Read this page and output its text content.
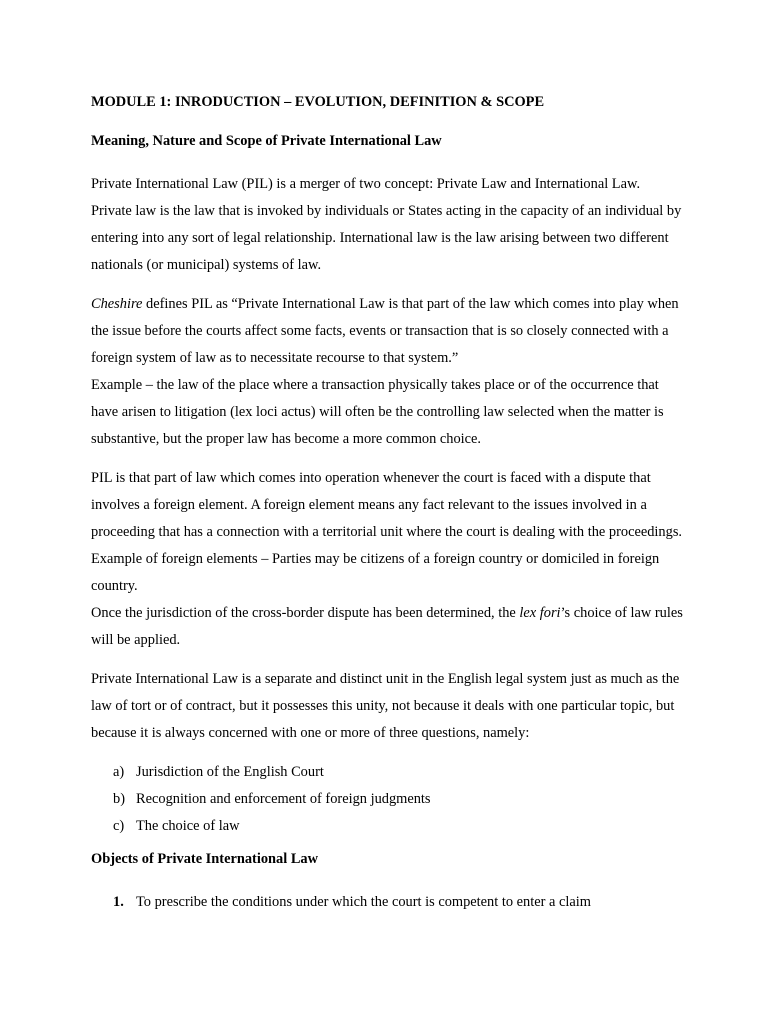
MODULE 1: INRODUCTION – EVOLUTION, DEFINITION & SCOPE
Meaning, Nature and Scope of Private International Law

Private International Law (PIL) is a merger of two concept: Private Law and International Law. Private law is the law that is invoked by individuals or States acting in the capacity of an individual by entering into any sort of legal relationship. International law is the law arising between two different nationals (or municipal) systems of law.

Cheshire defines PIL as “Private International Law is that part of the law which comes into play when the issue before the courts affect some facts, events or transaction that is so closely connected with a foreign system of law as to necessitate recourse to that system.”

Example – the law of the place where a transaction physically takes place or of the occurrence that have arisen to litigation (lex loci actus) will often be the controlling law selected when the matter is substantive, but the proper law has become a more common choice.

PIL is that part of law which comes into operation whenever the court is faced with a dispute that involves a foreign element. A foreign element means any fact relevant to the issues involved in a proceeding that has a connection with a territorial unit where the court is dealing with the proceedings. Example of foreign elements – Parties may be citizens of a foreign country or domiciled in foreign country.

Once the jurisdiction of the cross-border dispute has been determined, the lex fori’s choice of law rules will be applied.

Private International Law is a separate and distinct unit in the English legal system just as much as the law of tort or of contract, but it possesses this unity, not because it deals with one particular topic, but because it is always concerned with one or more of three questions, namely:

a) Jurisdiction of the English Court
b) Recognition and enforcement of foreign judgments
c) The choice of law
Objects of Private International Law
1. To prescribe the conditions under which the court is competent to enter a claim
